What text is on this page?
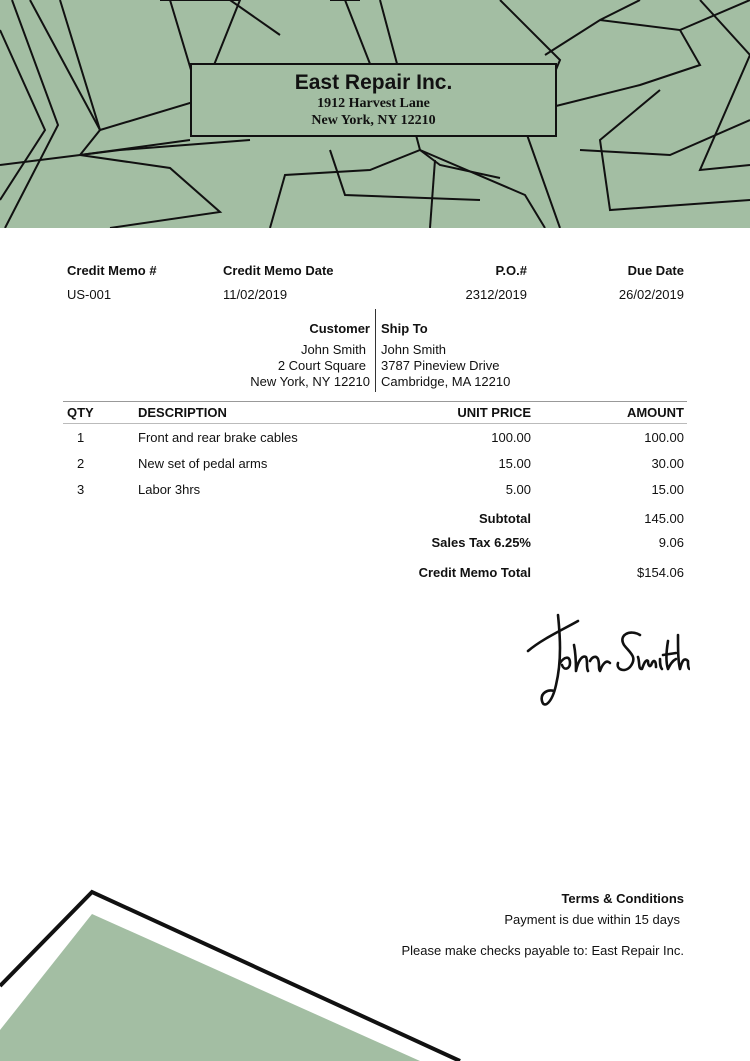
East Repair Inc.
1912 Harvest Lane
New York, NY 12210
Credit Memo #
US-001
Credit Memo Date
11/02/2019
P.O.#
2312/2019
Due Date
26/02/2019
Customer
John Smith
2 Court Square
New York, NY 12210
Ship To
John Smith
3787 Pineview Drive
Cambridge, MA 12210
QTY	DESCRIPTION	UNIT PRICE	AMOUNT
1	Front and rear brake cables	100.00	100.00
2	New set of pedal arms	15.00	30.00
3	Labor 3hrs	5.00	15.00
Subtotal	145.00
Sales Tax 6.25%	9.06
Credit Memo Total	$154.06
Terms & Conditions
Payment is due within 15 days
Please make checks payable to: East Repair Inc.
